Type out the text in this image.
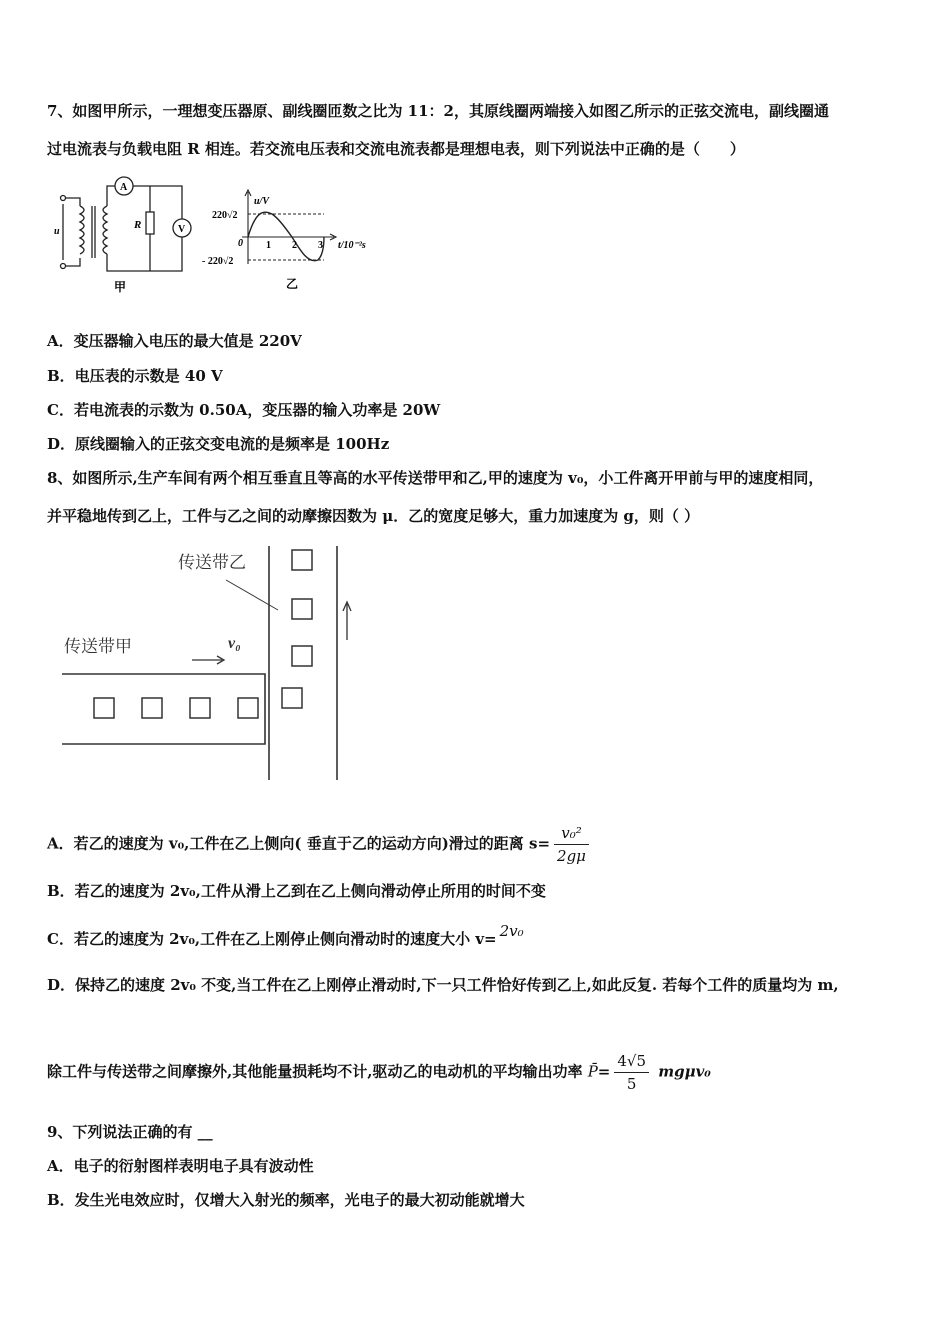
7、如图甲所示，一理想变压器原、副线圈匝数之比为 11：2，其原线圈两端接入如图乙所示的正弦交流电，副线圈通
过电流表与负载电阻 R 相连。若交流电压表和交流电流表都是理想电表，则下列说法中正确的是（　　）
u
A
R	V
甲
u/V
220√2
0 1 2 3 t/10⁻²s
- 220√2
乙
A．变压器输入电压的最大值是 220V
B．电压表的示数是 40 V
C．若电流表的示数为 0.50A，变压器的输入功率是 20W
D．原线圈输入的正弦交变电流的是频率是 100Hz
8、如图所示,生产车间有两个相互垂直且等高的水平传送带甲和乙,甲的速度为 v₀，小工件离开甲前与甲的速度相同，
并平稳地传到乙上，工件与乙之间的动摩擦因数为 μ．乙的宽度足够大，重力加速度为 g，则（ ）
传送带乙
传送带甲	v₀
A．若乙的速度为 v₀,工件在乙上侧向( 垂直于乙的运动方向)滑过的距离 $s= \frac{\text{v₀²}}{2g\mu}$
B．若乙的速度为 2v₀,工件从滑上乙到在乙上侧向滑动停止所用的时间不变
C．若乙的速度为 2v₀,工件在乙上刚停止侧向滑动时的速度大小 v= 2v₀
D．保持乙的速度 2v₀ 不变,当工件在乙上刚停止滑动时,下一只工件恰好传到乙上,如此反复. 若每个工件的质量均为 m,
除工件与传送带之间摩擦外,其他能量损耗均不计,驱动乙的电动机的平均输出功率 P̄= $\frac{4√5}{5} mg\mu v_0$
9、下列说法正确的有 __
A．电子的衍射图样表明电子具有波动性
B．发生光电效应时，仅增大入射光的频率，光电子的最大初动能就增大
